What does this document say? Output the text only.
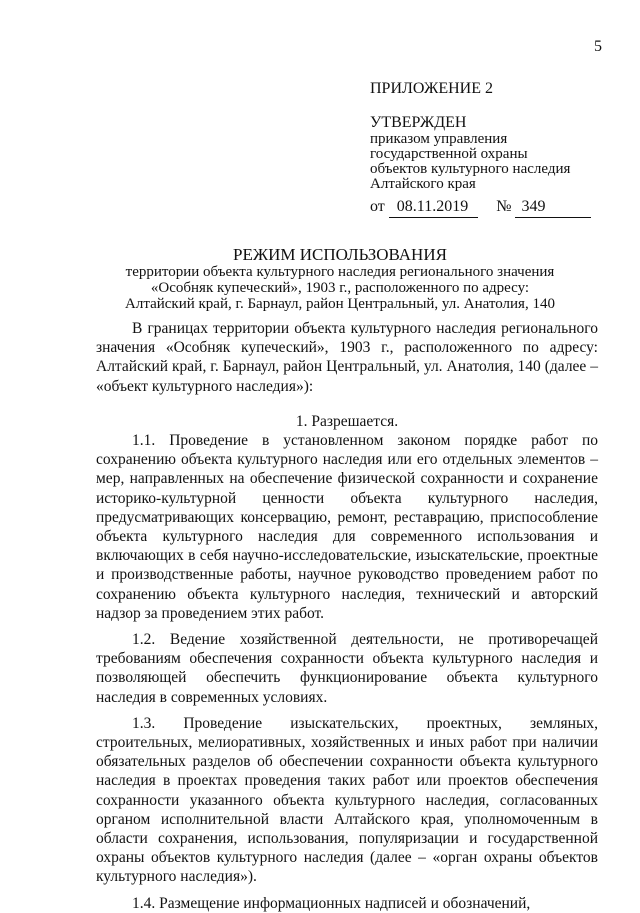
5
ПРИЛОЖЕНИЕ 2
УТВЕРЖДЕН
приказом управления
государственной охраны
объектов культурного наследия
Алтайского края
от 08.11.2019 № 349
РЕЖИМ ИСПОЛЬЗОВАНИЯ
территории объекта культурного наследия регионального значения
«Особняк купеческий», 1903 г., расположенного по адресу:
Алтайский край, г. Барнаул, район Центральный, ул. Анатолия, 140

В границах территории объекта культурного наследия регионального значения «Особняк купеческий», 1903 г., расположенного по адресу: Алтайский край, г. Барнаул, район Центральный, ул. Анатолия, 140 (далее – «объект культурного наследия»):

1. Разрешается.

1.1. Проведение в установленном законом порядке работ по сохранению объекта культурного наследия или его отдельных элементов – мер, направленных на обеспечение физической сохранности и сохранение историко-культурной ценности объекта культурного наследия, предусматривающих консервацию, ремонт, реставрацию, приспособление объекта культурного наследия для современного использования и включающих в себя научно-исследовательские, изыскательские, проектные и производственные работы, научное руководство проведением работ по сохранению объекта культурного наследия, технический и авторский надзор за проведением этих работ.

1.2. Ведение хозяйственной деятельности, не противоречащей требованиям обеспечения сохранности объекта культурного наследия и позволяющей обеспечить функционирование объекта культурного наследия в современных условиях.

1.3. Проведение изыскательских, проектных, земляных, строительных, мелиоративных, хозяйственных и иных работ при наличии обязательных разделов об обеспечении сохранности объекта культурного наследия в проектах проведения таких работ или проектов обеспечения сохранности указанного объекта культурного наследия, согласованных органом исполнительной власти Алтайского края, уполномоченным в области сохранения, использования, популяризации и государственной охраны объектов культурного наследия (далее – «орган охраны объектов культурного наследия»).

1.4. Размещение информационных надписей и обозначений,
